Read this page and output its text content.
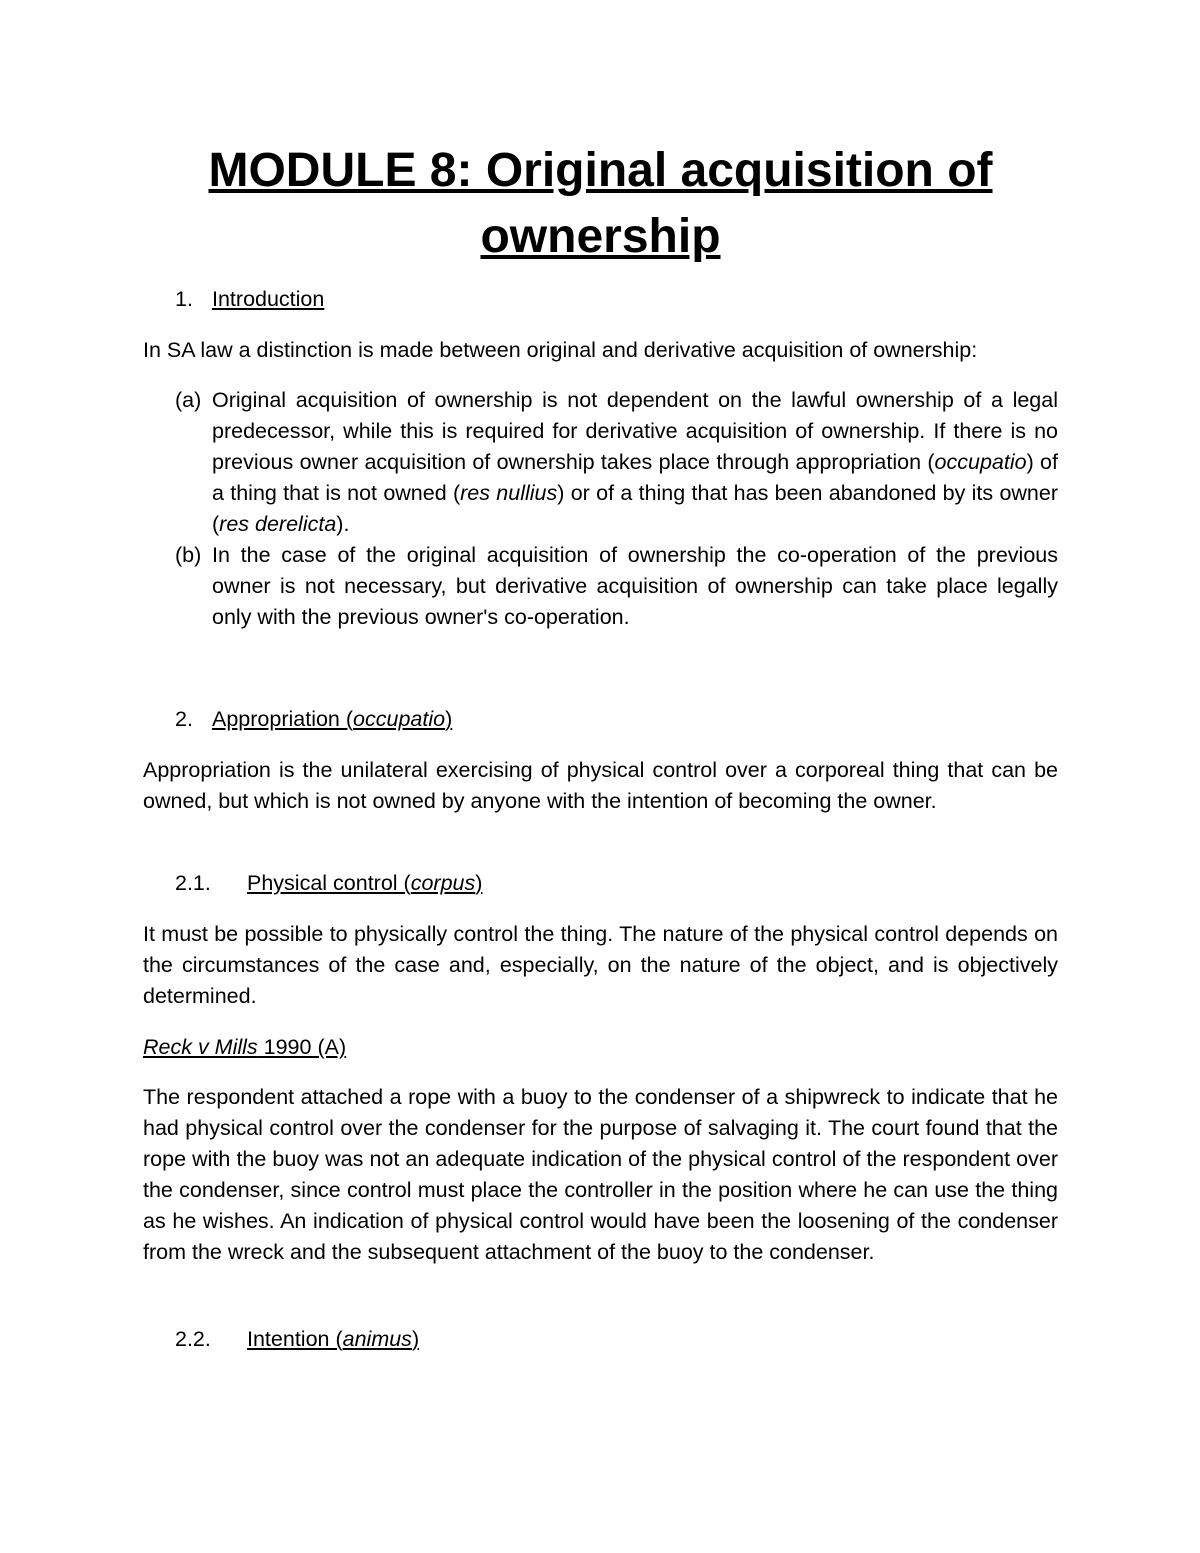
MODULE 8: Original acquisition of ownership
1. Introduction
In SA law a distinction is made between original and derivative acquisition of ownership:
(a) Original acquisition of ownership is not dependent on the lawful ownership of a legal predecessor, while this is required for derivative acquisition of ownership. If there is no previous owner acquisition of ownership takes place through appropriation (occupatio) of a thing that is not owned (res nullius) or of a thing that has been abandoned by its owner (res derelicta).
(b) In the case of the original acquisition of ownership the co-operation of the previous owner is not necessary, but derivative acquisition of ownership can take place legally only with the previous owner's co-operation.
2. Appropriation (occupatio)
Appropriation is the unilateral exercising of physical control over a corporeal thing that can be owned, but which is not owned by anyone with the intention of becoming the owner.
2.1. Physical control (corpus)
It must be possible to physically control the thing. The nature of the physical control depends on the circumstances of the case and, especially, on the nature of the object, and is objectively determined.
Reck v Mills 1990 (A)
The respondent attached a rope with a buoy to the condenser of a shipwreck to indicate that he had physical control over the condenser for the purpose of salvaging it. The court found that the rope with the buoy was not an adequate indication of the physical control of the respondent over the condenser, since control must place the controller in the position where he can use the thing as he wishes. An indication of physical control would have been the loosening of the condenser from the wreck and the subsequent attachment of the buoy to the condenser.
2.2. Intention (animus)
